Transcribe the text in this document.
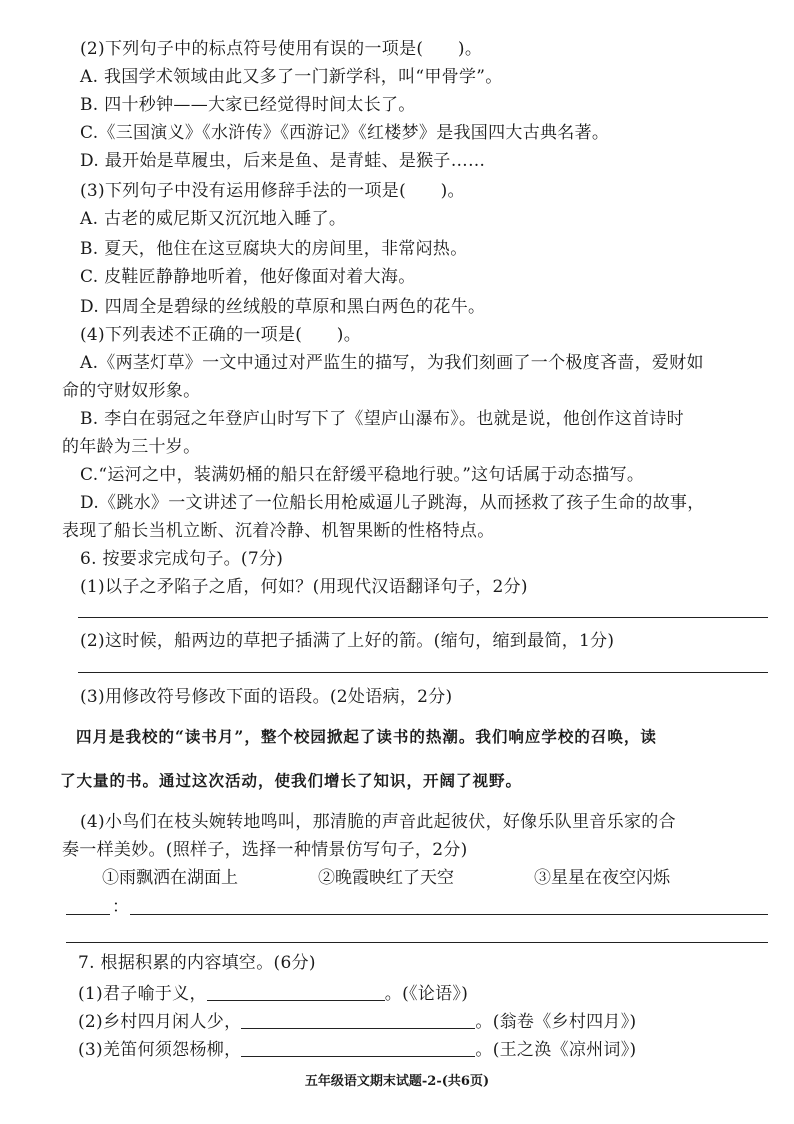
(2)下列句子中的标点符号使用有误的一项是(　　)。
A. 我国学术领域由此又多了一门新学科，叫“甲骨学”。
B. 四十秒钟——大家已经觉得时间太长了。
C.《三国演义》《水浒传》《西游记》《红楼梦》是我国四大古典名著。
D. 最开始是草履虫，后来是鱼、是青蛙、是猴子……
(3)下列句子中没有运用修辞手法的一项是(　　)。
A. 古老的威尼斯又沉沉地入睡了。
B. 夏天，他住在这豆腐块大的房间里，非常闷热。
C. 皮鞋匠静静地听着，他好像面对着大海。
D. 四周全是碧绿的丝绒般的草原和黑白两色的花牛。
(4)下列表述不正确的一项是(　　)。
A.《两茎灯草》一文中通过对严监生的描写，为我们刻画了一个极度吝啬，爱财如
命的守财奴形象。
B. 李白在弱冠之年登庐山时写下了《望庐山瀑布》。也就是说，他创作这首诗时
的年龄为三十岁。
C.“运河之中，装满奶桶的船只在舒缓平稳地行驶。”这句话属于动态描写。
D.《跳水》一文讲述了一位船长用枪威逼儿子跳海，从而拯救了孩子生命的故事，
表现了船长当机立断、沉着冷静、机智果断的性格特点。
6. 按要求完成句子。(7分)
(1)以子之矛陷子之盾，何如？(用现代汉语翻译句子，2分)
(2)这时候，船两边的草把子插满了上好的箭。(缩句，缩到最简，1分)
(3)用修改符号修改下面的语段。(2处语病，2分)
四月是我校的“读书月”，整个校园掀起了读书的热潮。我们响应学校的召唤，读
了大量的书。通过这次活动，使我们增长了知识，开阔了视野。
(4)小鸟们在枝头婉转地鸣叫，那清脆的声音此起彼伏，好像乐队里音乐家的合
奏一样美妙。(照样子，选择一种情景仿写句子，2分)
①雨飘洒在湖面上	②晚霞映红了天空	③星星在夜空闪烁
：
7. 根据积累的内容填空。(6分)
(1)君子喻于义，	。(《论语》)
(2)乡村四月闲人少，	。(翁卷《乡村四月》)
(3)羌笛何须怨杨柳，	。(王之涣《凉州词》)
五年级语文期末试题-2-(共6页)
